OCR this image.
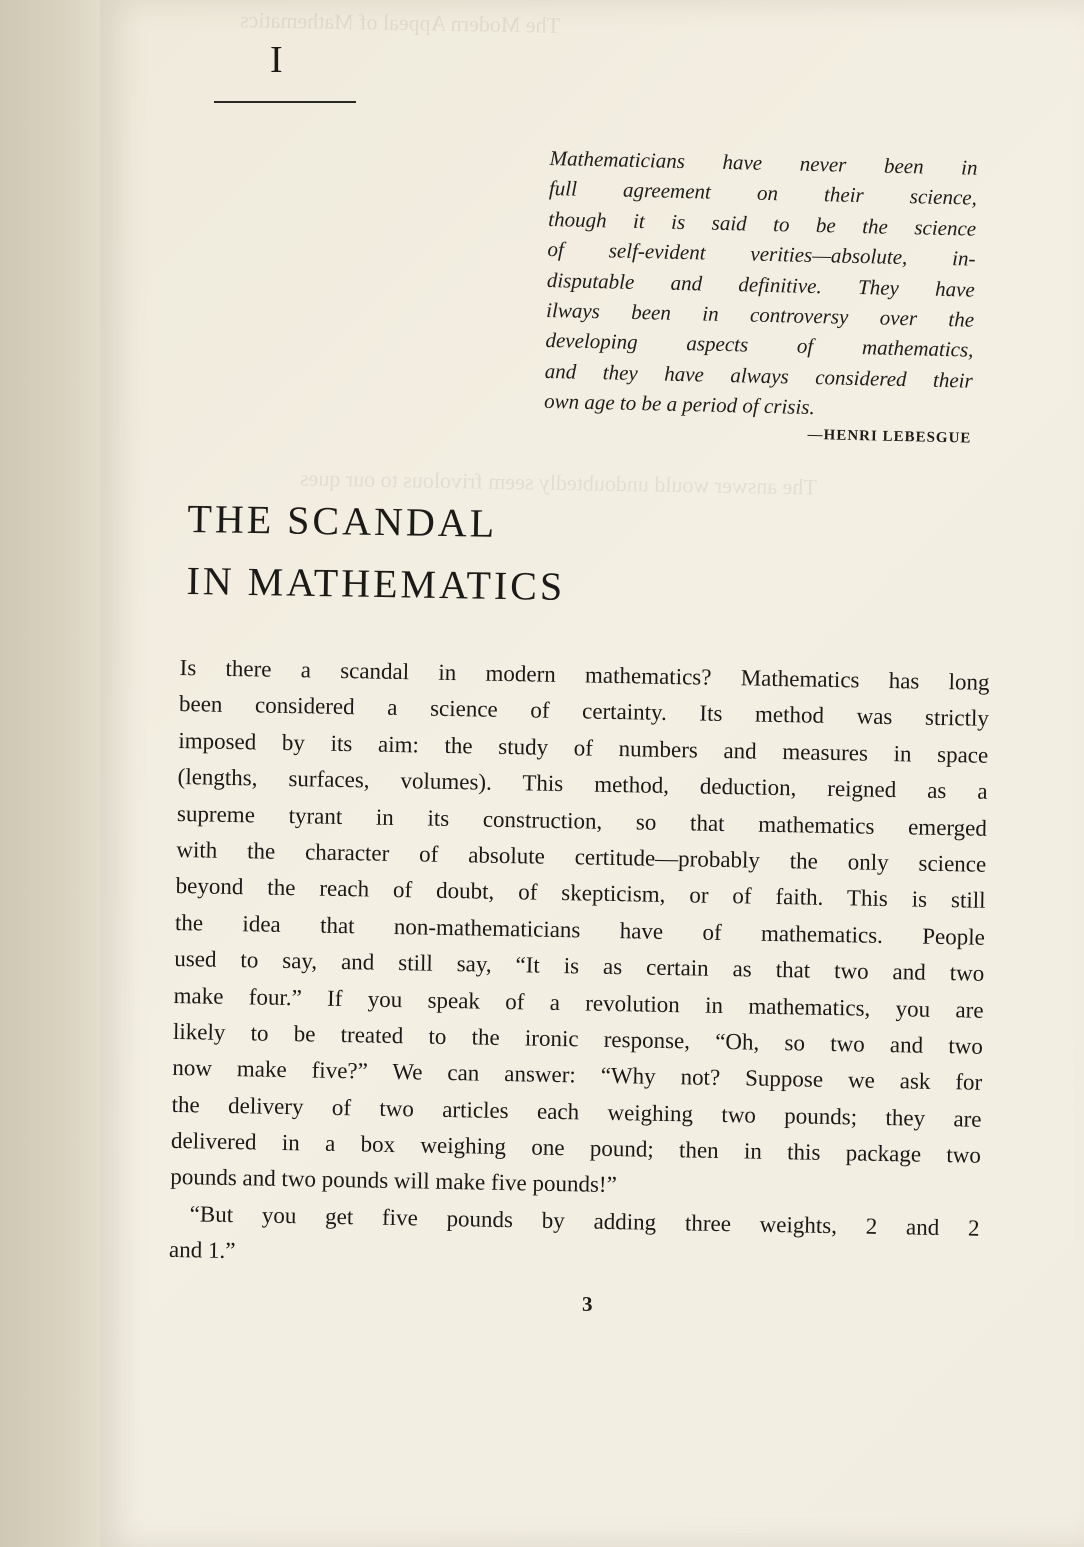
The Modern Appeal of Mathematics
The answer would undoubtedly seem frivolous to our ques
I
Mathematicians have never been in
full agreement on their science,
though it is said to be the science
of self-evident verities—absolute, in-
disputable and definitive. They have
ilways been in controversy over the
developing aspects of mathematics,
and they have always considered their
own age to be a period of crisis.
—HENRI LEBESGUE
THE SCANDAL
IN MATHEMATICS
Is there a scandal in modern mathematics? Mathematics has long
been considered a science of certainty. Its method was strictly
imposed by its aim: the study of numbers and measures in space
(lengths, surfaces, volumes). This method, deduction, reigned as a
supreme tyrant in its construction, so that mathematics emerged
with the character of absolute certitude—probably the only science
beyond the reach of doubt, of skepticism, or of faith. This is still
the idea that non-mathematicians have of mathematics. People
used to say, and still say, “It is as certain as that two and two
make four.” If you speak of a revolution in mathematics, you are
likely to be treated to the ironic response, “Oh, so two and two
now make five?” We can answer: “Why not? Suppose we ask for
the delivery of two articles each weighing two pounds; they are
delivered in a box weighing one pound; then in this package two
pounds and two pounds will make five pounds!”
“But you get five pounds by adding three weights, 2 and 2
and 1.”
3
